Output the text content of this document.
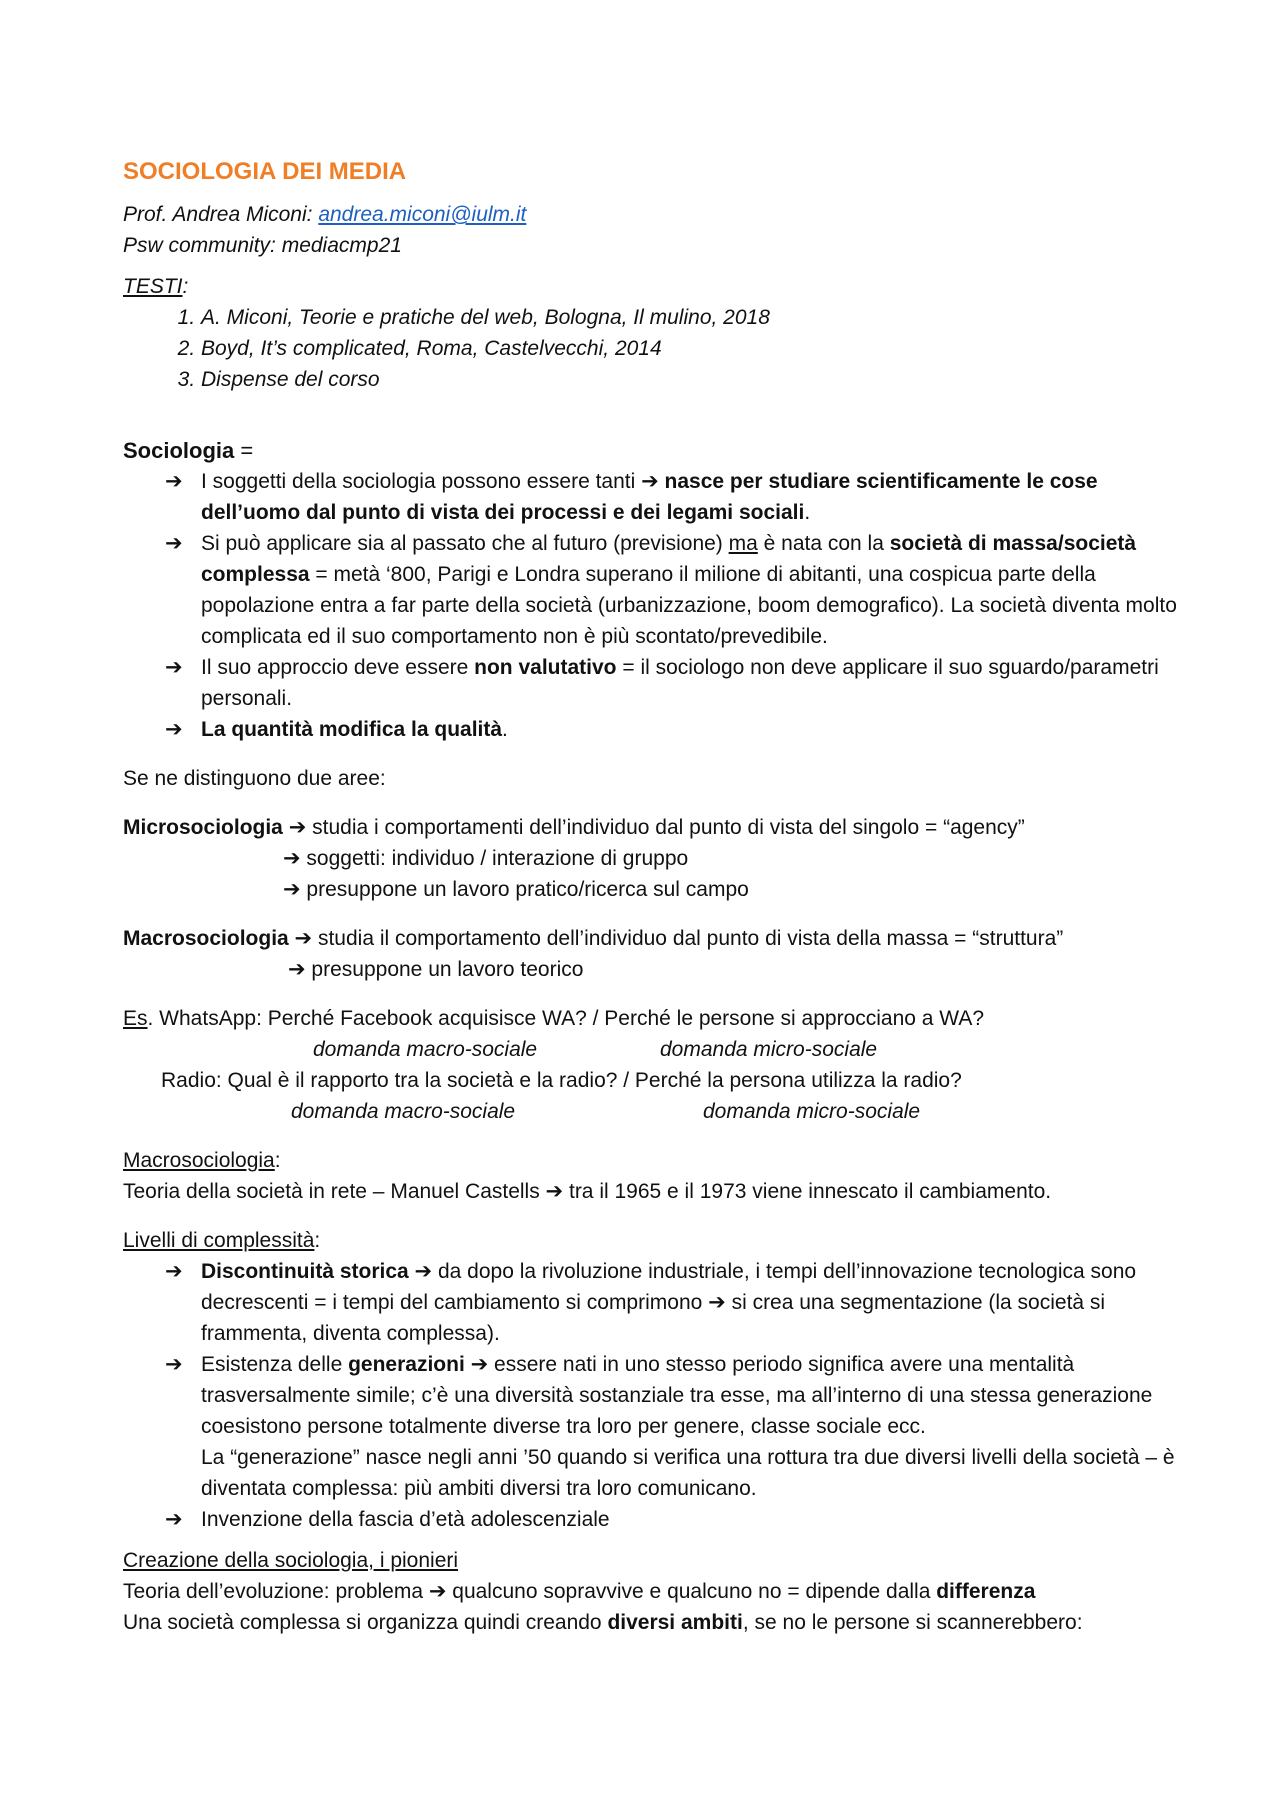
SOCIOLOGIA DEI MEDIA
Prof. Andrea Miconi: andrea.miconi@iulm.it
Psw community: mediacmp21
TESTI:
1. A. Miconi, Teorie e pratiche del web, Bologna, Il mulino, 2018
2. Boyd, It’s complicated, Roma, Castelvecchi, 2014
3. Dispense del corso
Sociologia =
➔ I soggetti della sociologia possono essere tanti ➔ nasce per studiare scientificamente le cose dell’uomo dal punto di vista dei processi e dei legami sociali.
➔ Si può applicare sia al passato che al futuro (previsione) ma è nata con la società di massa/società complessa = metà ‘800, Parigi e Londra superano il milione di abitanti, una cospicua parte della popolazione entra a far parte della società (urbanizzazione, boom demografico). La società diventa molto complicata ed il suo comportamento non è più scontato/prevedibile.
➔ Il suo approccio deve essere non valutativo = il sociologo non deve applicare il suo sguardo/parametri personali.
➔ La quantità modifica la qualità.
Se ne distinguono due aree:
Microsociologia ➔ studia i comportamenti dell’individuo dal punto di vista del singolo = “agency”
➔ soggetti: individuo / interazione di gruppo
➔ presuppone un lavoro pratico/ricerca sul campo
Macrosociologia ➔ studia il comportamento dell’individuo dal punto di vista della massa = “struttura”
➔ presuppone un lavoro teorico
Es. WhatsApp: Perché Facebook acquisisce WA? / Perché le persone si approcciano a WA?
domanda macro-sociale	domanda micro-sociale
Radio: Qual è il rapporto tra la società e la radio? / Perché la persona utilizza la radio?
domanda macro-sociale	domanda micro-sociale
Macrosociologia:
Teoria della società in rete – Manuel Castells ➔ tra il 1965 e il 1973 viene innescato il cambiamento.
Livelli di complessità:
➔ Discontinuità storica ➔ da dopo la rivoluzione industriale, i tempi dell’innovazione tecnologica sono decrescenti = i tempi del cambiamento si comprimono ➔ si crea una segmentazione (la società si frammenta, diventa complessa).
➔ Esistenza delle generazioni ➔ essere nati in uno stesso periodo significa avere una mentalità trasversalmente simile; c’è una diversità sostanziale tra esse, ma all’interno di una stessa generazione coesistono persone totalmente diverse tra loro per genere, classe sociale ecc.
La “generazione” nasce negli anni ’50 quando si verifica una rottura tra due diversi livelli della società – è diventata complessa: più ambiti diversi tra loro comunicano.
➔ Invenzione della fascia d’età adolescenziale
Creazione della sociologia, i pionieri
Teoria dell’evoluzione: problema ➔ qualcuno sopravvive e qualcuno no = dipende dalla differenza
Una società complessa si organizza quindi creando diversi ambiti, se no le persone si scannerebbero:
